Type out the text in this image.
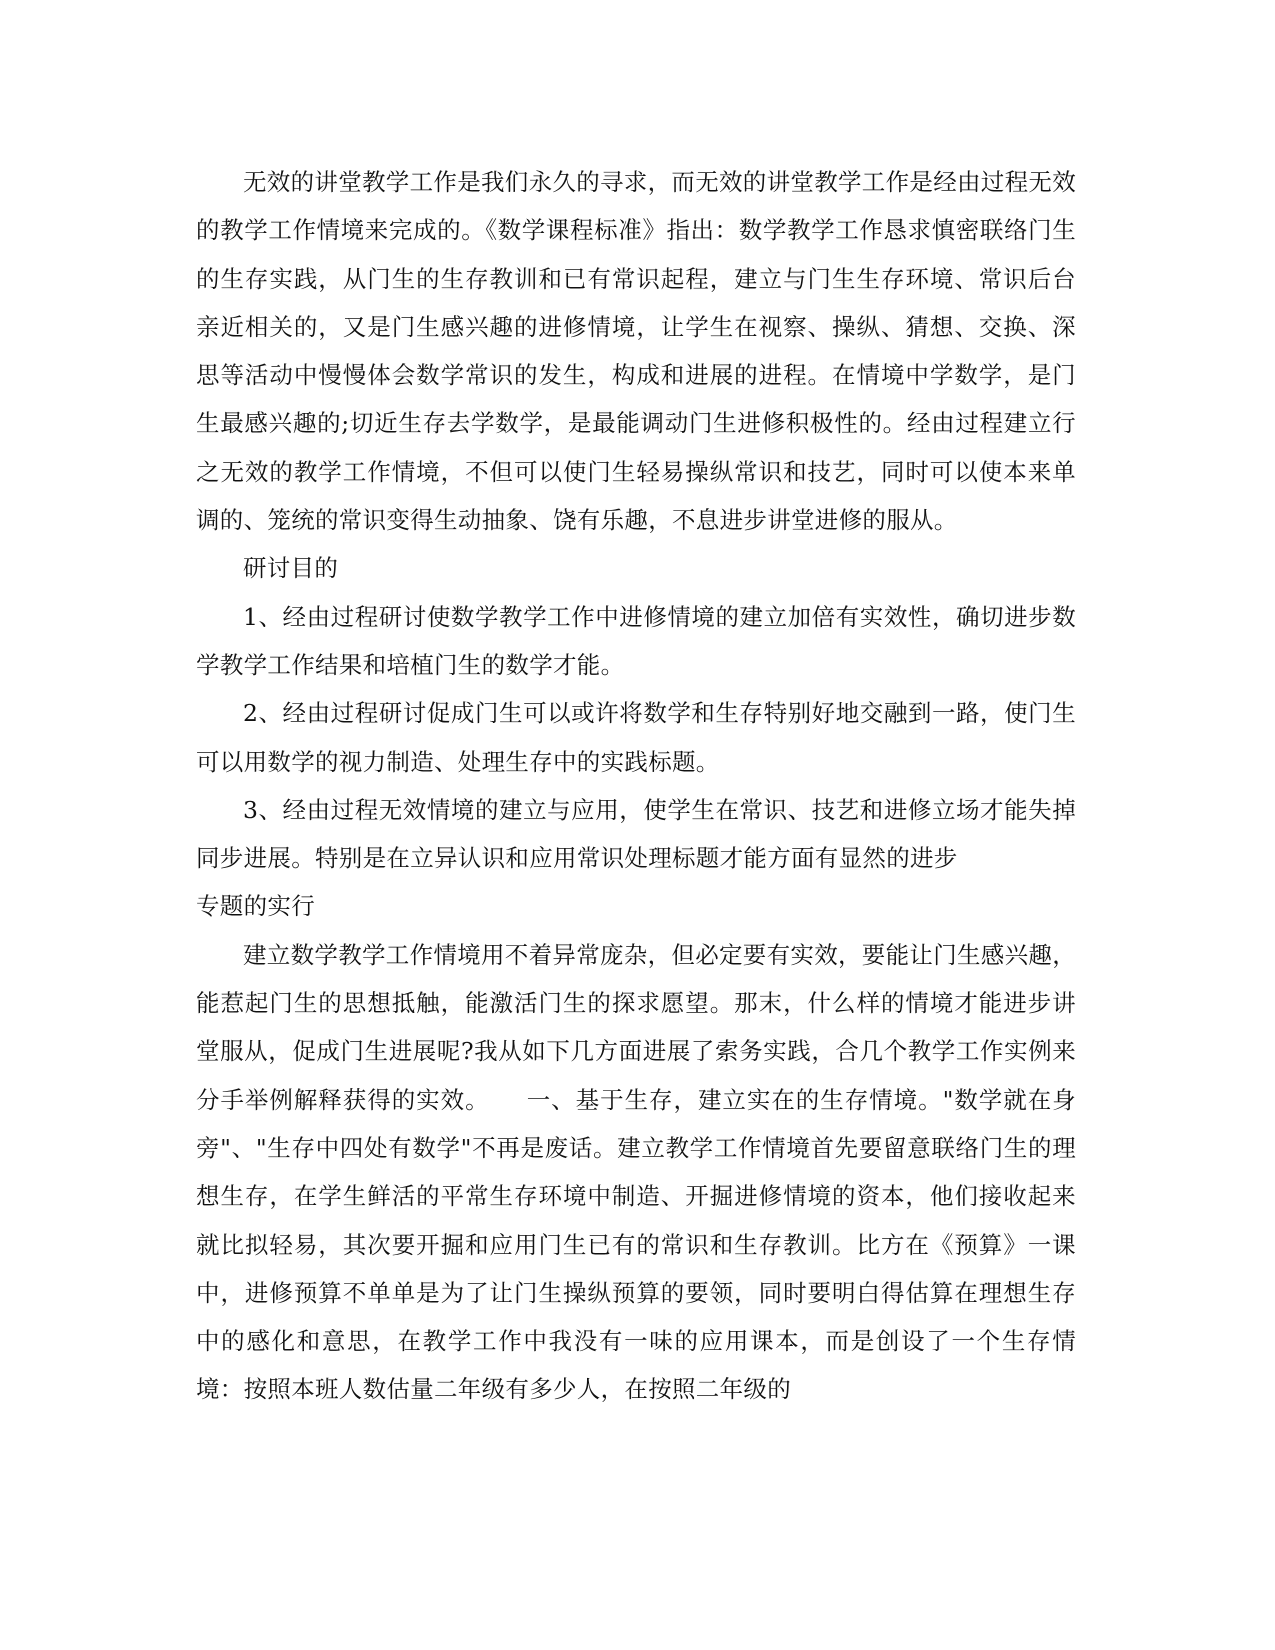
无效的讲堂教学工作是我们永久的寻求，而无效的讲堂教学工作是经由过程无效的教学工作情境来完成的。《数学课程标准》指出：数学教学工作恳求慎密联络门生的生存实践，从门生的生存教训和已有常识起程，建立与门生生存环境、常识后台亲近相关的，又是门生感兴趣的进修情境，让学生在视察、操纵、猜想、交换、深思等活动中慢慢体会数学常识的发生，构成和进展的进程。在情境中学数学，是门生最感兴趣的;切近生存去学数学，是最能调动门生进修积极性的。经由过程建立行之无效的教学工作情境，不但可以使门生轻易操纵常识和技艺，同时可以使本来单调的、笼统的常识变得生动抽象、饶有乐趣，不息进步讲堂进修的服从。

研讨目的

1、经由过程研讨使数学教学工作中进修情境的建立加倍有实效性，确切进步数学教学工作结果和培植门生的数学才能。

2、经由过程研讨促成门生可以或许将数学和生存特别好地交融到一路，使门生可以用数学的视力制造、处理生存中的实践标题。

3、经由过程无效情境的建立与应用，使学生在常识、技艺和进修立场才能失掉同步进展。特别是在立异认识和应用常识处理标题才能方面有显然的进步

专题的实行

建立数学教学工作情境用不着异常庞杂，但必定要有实效，要能让门生感兴趣，能惹起门生的思想抵触，能激活门生的探求愿望。那末，什么样的情境才能进步讲堂服从，促成门生进展呢?我从如下几方面进展了索务实践，合几个教学工作实例来分手举例解释获得的实效。　　一、基于生存，建立实在的生存情境。"数学就在身旁"、"生存中四处有数学"不再是废话。建立教学工作情境首先要留意联络门生的理想生存，在学生鲜活的平常生存环境中制造、开掘进修情境的资本，他们接收起来就比拟轻易，其次要开掘和应用门生已有的常识和生存教训。比方在《预算》一课中，进修预算不单单是为了让门生操纵预算的要领，同时要明白得估算在理想生存中的感化和意思，在教学工作中我没有一味的应用课本，而是创设了一个生存情境：按照本班人数估量二年级有多少人，在按照二年级的
